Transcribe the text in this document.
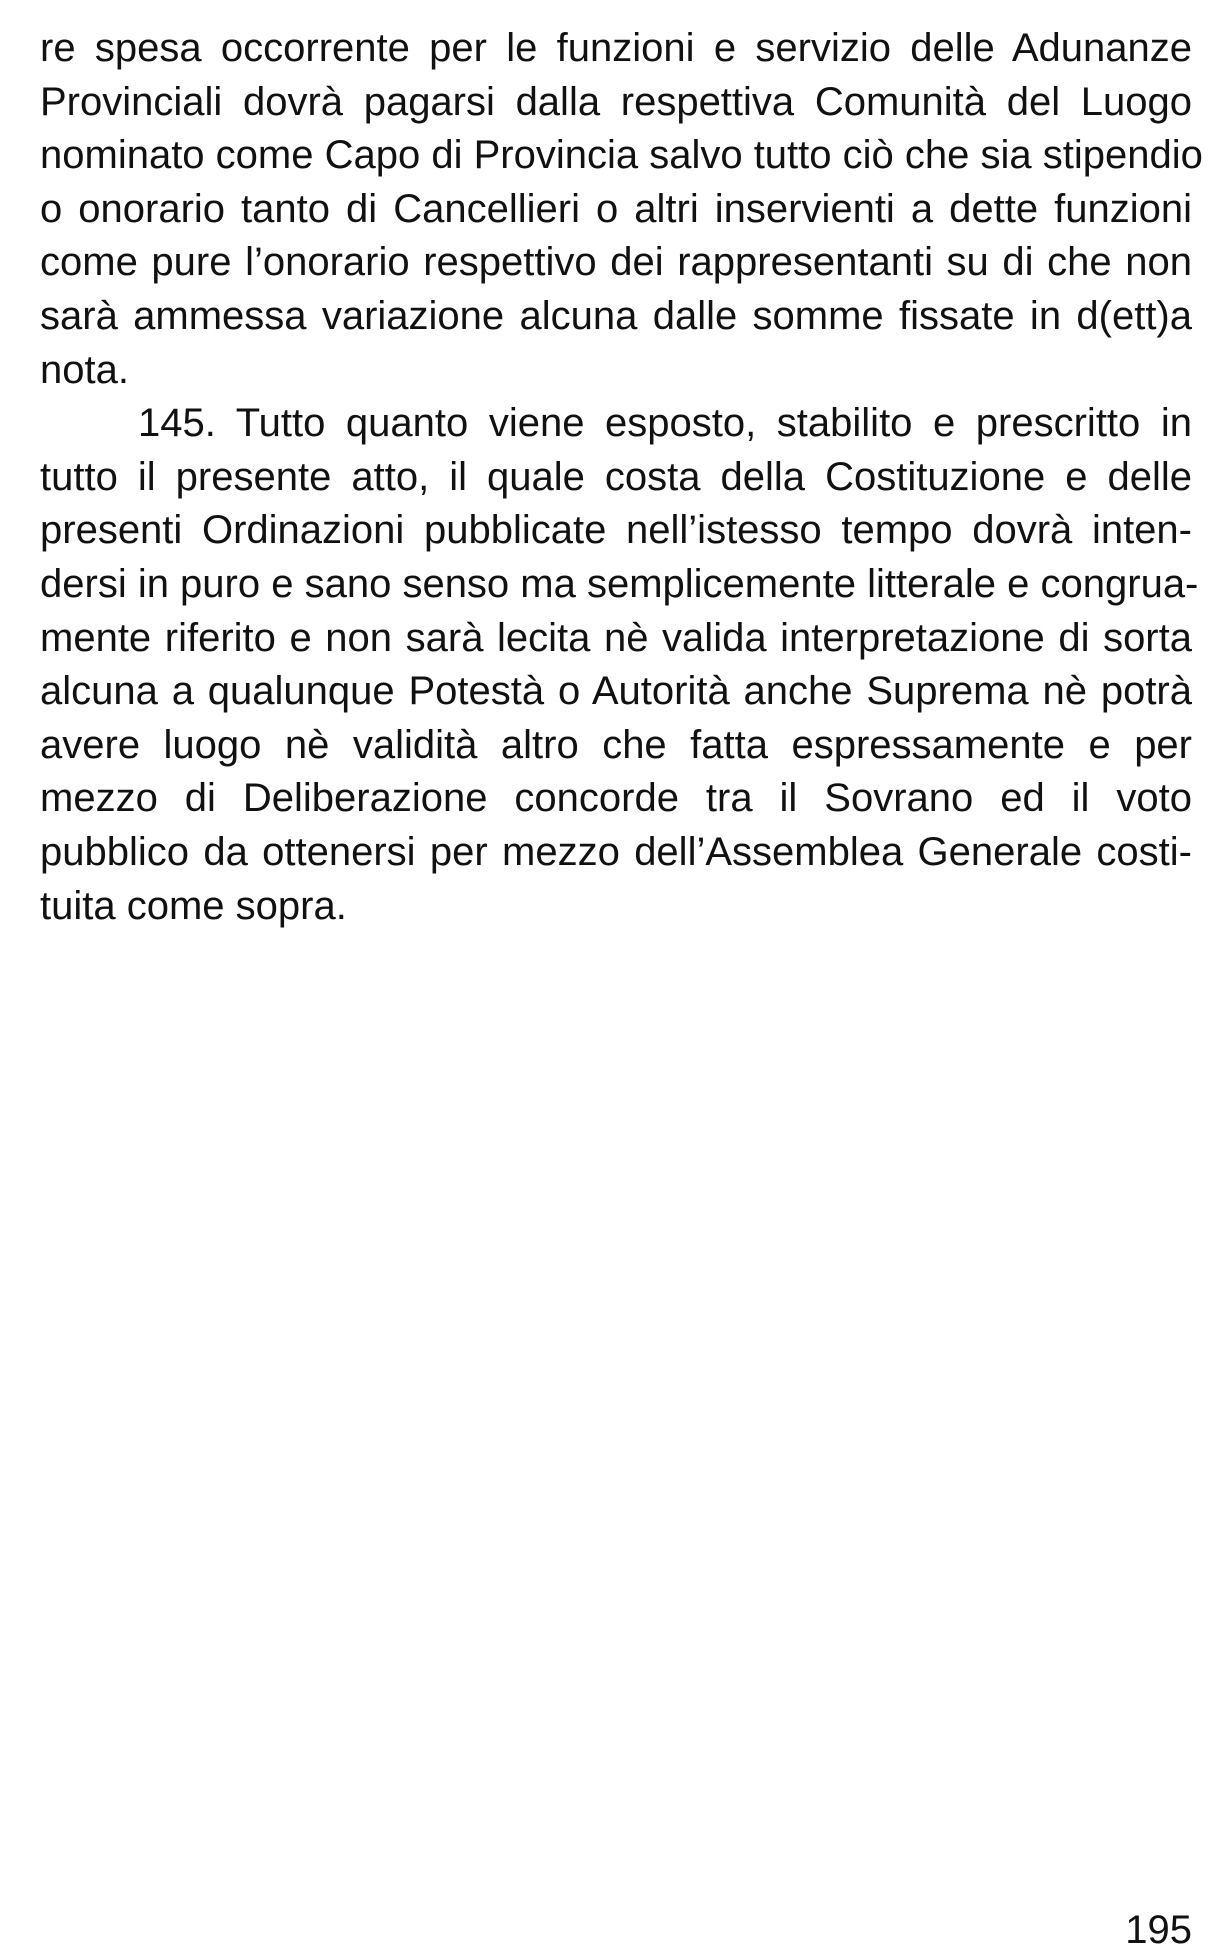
re spesa occorrente per le funzioni e servizio delle Adunanze
Provinciali dovrà pagarsi dalla respettiva Comunità del Luogo
nominato come Capo di Provincia salvo tutto ciò che sia stipendio
o onorario tanto di Cancellieri o altri inservienti a dette funzioni
come pure l’onorario respettivo dei rappresentanti su di che non
sarà ammessa variazione alcuna dalle somme fissate in d(ett)a
nota.
145. Tutto quanto viene esposto, stabilito e prescritto in
tutto il presente atto, il quale costa della Costituzione e delle
presenti Ordinazioni pubblicate nell’istesso tempo dovrà inten-
dersi in puro e sano senso ma semplicemente litterale e congrua-
mente riferito e non sarà lecita nè valida interpretazione di sorta
alcuna a qualunque Potestà o Autorità anche Suprema nè potrà
avere luogo nè validità altro che fatta espressamente e per
mezzo di Deliberazione concorde tra il Sovrano ed il voto
pubblico da ottenersi per mezzo dell’Assemblea Generale costi-
tuita come sopra.
195
